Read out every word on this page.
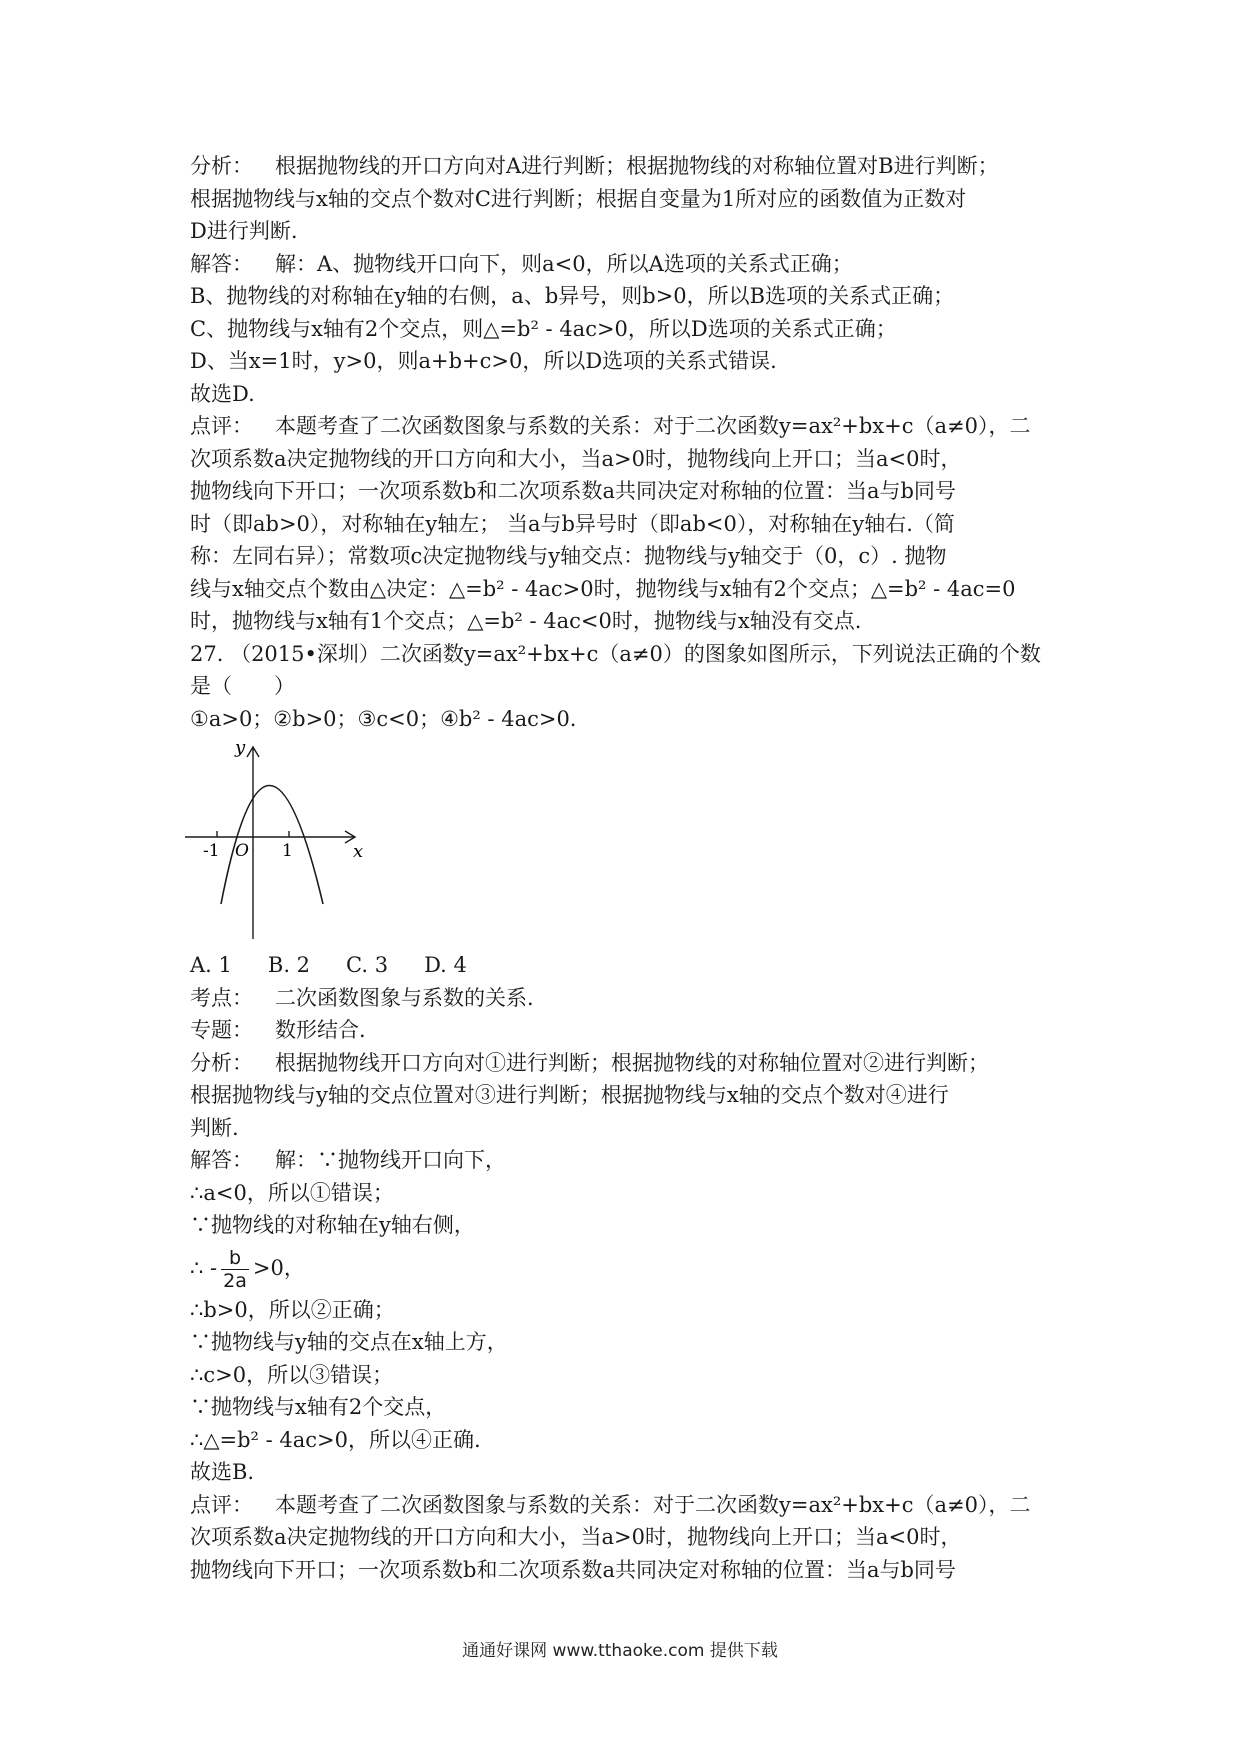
分析： 根据抛物线的开口方向对A进行判断；根据抛物线的对称轴位置对B进行判断；
根据抛物线与x轴的交点个数对C进行判断；根据自变量为1所对应的函数值为正数对
D进行判断.
解答： 解：A、抛物线开口向下，则a<0，所以A选项的关系式正确；
B、抛物线的对称轴在y轴的右侧，a、b异号，则b>0，所以B选项的关系式正确；
C、抛物线与x轴有2个交点，则△=b² - 4ac>0，所以D选项的关系式正确；
D、当x=1时，y>0，则a+b+c>0，所以D选项的关系式错误.
故选D.
点评： 本题考查了二次函数图象与系数的关系：对于二次函数y=ax²+bx+c（a≠0），二
次项系数a决定抛物线的开口方向和大小，当a>0时，抛物线向上开口；当a<0时，
抛物线向下开口；一次项系数b和二次项系数a共同决定对称轴的位置：当a与b同号
时（即ab>0），对称轴在y轴左； 当a与b异号时（即ab<0），对称轴在y轴右.（简
称：左同右异）；常数项c决定抛物线与y轴交点：抛物线与y轴交于（0，c）. 抛物
线与x轴交点个数由△决定：△=b² - 4ac>0时，抛物线与x轴有2个交点；△=b² - 4ac=0
时，抛物线与x轴有1个交点；△=b² - 4ac<0时，抛物线与x轴没有交点.
27. （2015•深圳）二次函数y=ax²+bx+c（a≠0）的图象如图所示，下列说法正确的个数
是（　　）
①a>0；②b>0；③c<0；④b² - 4ac>0.
y
x
O
-1	1
A. 1 B. 2 C. 3 D. 4
考点： 二次函数图象与系数的关系.
专题： 数形结合.
分析： 根据抛物线开口方向对①进行判断；根据抛物线的对称轴位置对②进行判断；
根据抛物线与y轴的交点位置对③进行判断；根据抛物线与x轴的交点个数对④进行
判断.
解答： 解：∵抛物线开口向下，
∴a<0，所以①错误；
∵抛物线的对称轴在y轴右侧，
∴ - $\frac{b}{2a} >0$，
∴b>0，所以②正确；
∵抛物线与y轴的交点在x轴上方，
∴c>0，所以③错误；
∵抛物线与x轴有2个交点，
∴△=b² - 4ac>0，所以④正确.
故选B.
点评： 本题考查了二次函数图象与系数的关系：对于二次函数y=ax²+bx+c（a≠0），二
次项系数a决定抛物线的开口方向和大小，当a>0时，抛物线向上开口；当a<0时，
抛物线向下开口；一次项系数b和二次项系数a共同决定对称轴的位置：当a与b同号
通通好课网 www.tthaoke.com 提供下载
